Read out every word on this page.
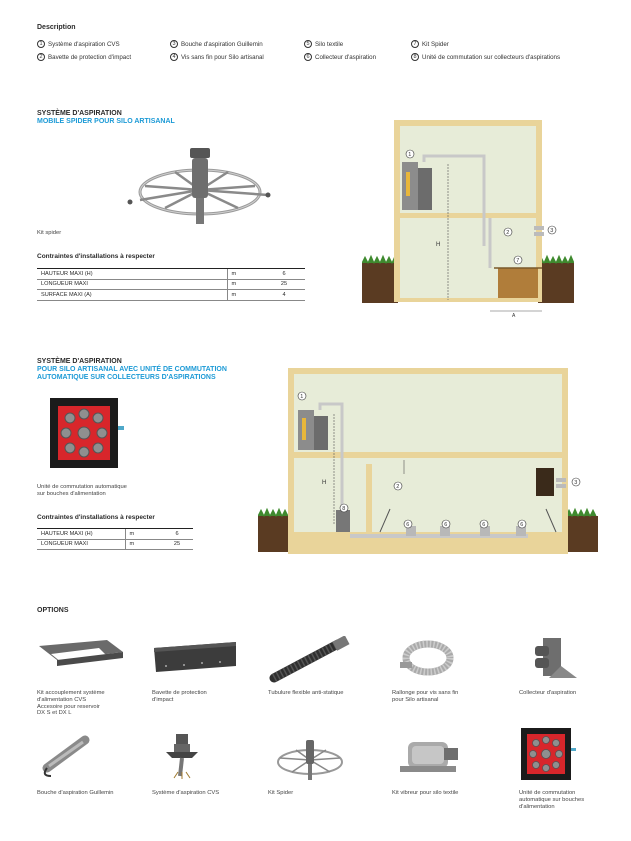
Description
1 Système d'aspiration CVS
2 Bavette de protection d'impact
3 Bouche d'aspiration Guillemin
4 Vis sans fin pour Silo artisanal
5 Silo textile
6 Collecteur d'aspiration
7 Kit Spider
8 Unité de commutation sur collecteurs d'aspirations
SYSTÈME D'ASPIRATION
MOBILE SPIDER POUR SILO ARTISANAL
Kit spider
Contraintes d'installations à respecter
HAUTEUR MAXI (H)	m	6
LONGUEUR MAXI	m	25
SURFACE MAXI (A)	m	4
H
A
1
2	3
7
SYSTÈME D'ASPIRATION
POUR SILO ARTISANAL AVEC UNITÉ DE COMMUTATION
AUTOMATIQUE SUR COLLECTEURS D'ASPIRATIONS
Unité de commutation automatique
sur bouches d'alimentation
Contraintes d'installations à respecter
HAUTEUR MAXI (H)	m	6
LONGUEUR MAXI	m	25
H
1
2
3
6	6	6	6
8
OPTIONS
Kit accouplement système
d'alimentation CVS
Accesoire pour reservoir
DX S et DX L
Bavette de protection
d'impact
Tubulure flexible anti-statique	Rallonge pour vis sans fin
pour Silo artisanal
Collecteur d'aspiration
Bouche d'aspiration Guillemin	Système d'aspiration CVS	Kit Spider	Kit vibreur pour silo textile	Unité de commutation
automatique sur bouches
d'alimentation
